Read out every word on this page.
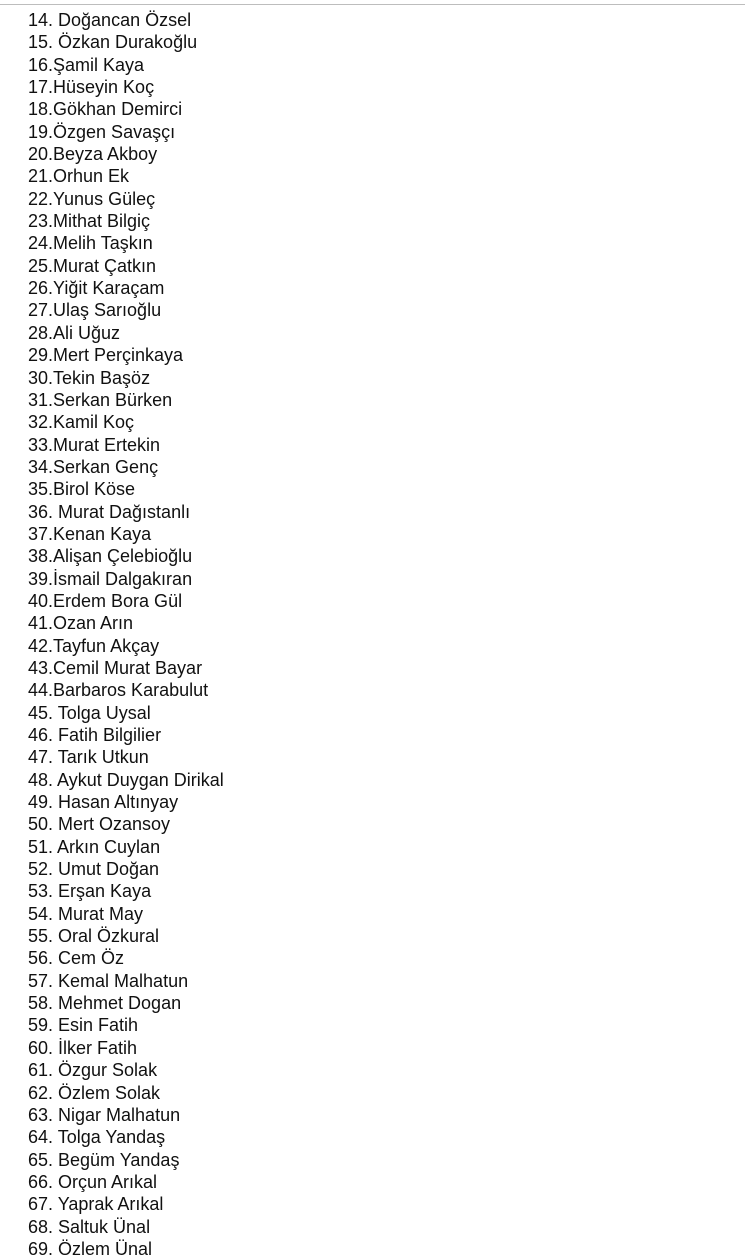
14. Doğancan Özsel
15. Özkan Durakoğlu
16.Şamil Kaya
17.Hüseyin Koç
18.Gökhan Demirci
19.Özgen Savaşçı
20.Beyza Akboy
21.Orhun Ek
22.Yunus Güleç
23.Mithat Bilgiç
24.Melih Taşkın
25.Murat Çatkın
26.Yiğit Karaçam
27.Ulaş Sarıoğlu
28.Ali Uğuz
29.Mert Perçinkaya
30.Tekin Başöz
31.Serkan Bürken
32.Kamil Koç
33.Murat Ertekin
34.Serkan Genç
35.Birol Köse
36. Murat Dağıstanlı
37.Kenan Kaya
38.Alişan Çelebioğlu
39.İsmail Dalgakıran
40.Erdem Bora Gül
41.Ozan Arın
42.Tayfun Akçay
43.Cemil Murat Bayar
44.Barbaros Karabulut
45. Tolga Uysal
46. Fatih Bilgilier
47. Tarık Utkun
48. Aykut Duygan Dirikal
49. Hasan Altınyay
50. Mert Ozansoy
51. Arkın Cuylan
52. Umut Doğan
53. Erşan Kaya
54. Murat May
55. Oral Özkural
56. Cem Öz
57. Kemal Malhatun
58. Mehmet Dogan
59. Esin Fatih
60. İlker Fatih
61. Özgur Solak
62. Özlem Solak
63. Nigar Malhatun
64. Tolga Yandaş
65. Begüm Yandaş
66. Orçun Arıkal
67. Yaprak Arıkal
68. Saltuk Ünal
69. Özlem Ünal
